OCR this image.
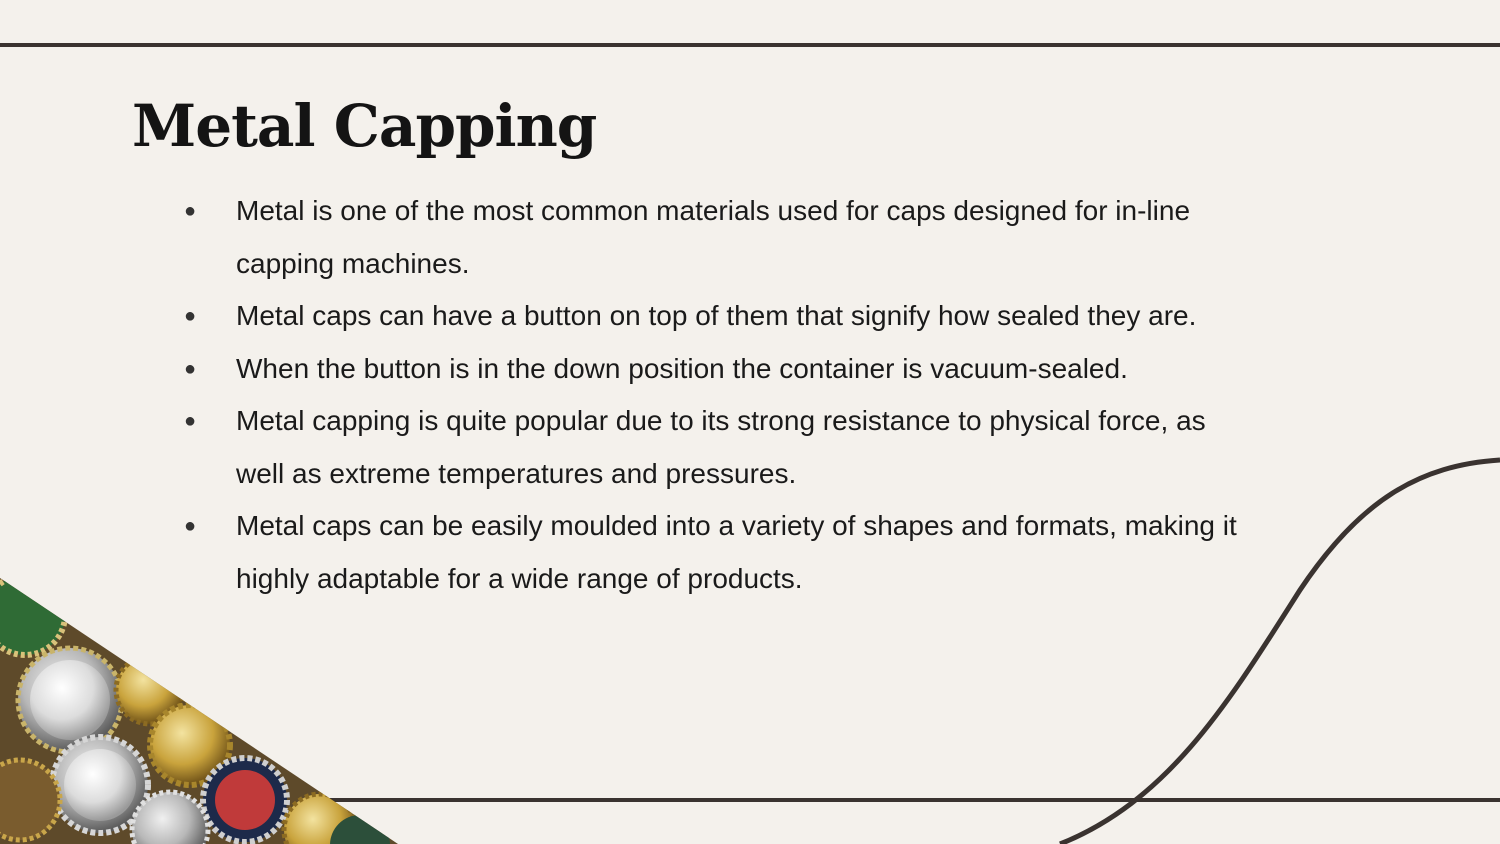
Metal Capping
● Metal is one of the most common materials used for caps designed for in-line capping machines.
● Metal caps can have a button on top of them that signify how sealed they are.
● When the button is in the down position the container is vacuum-sealed.
● Metal capping is quite popular due to its strong resistance to physical force, as well as extreme temperatures and pressures.
● Metal caps can be easily moulded into a variety of shapes and formats, making it highly adaptable for a wide range of products.
